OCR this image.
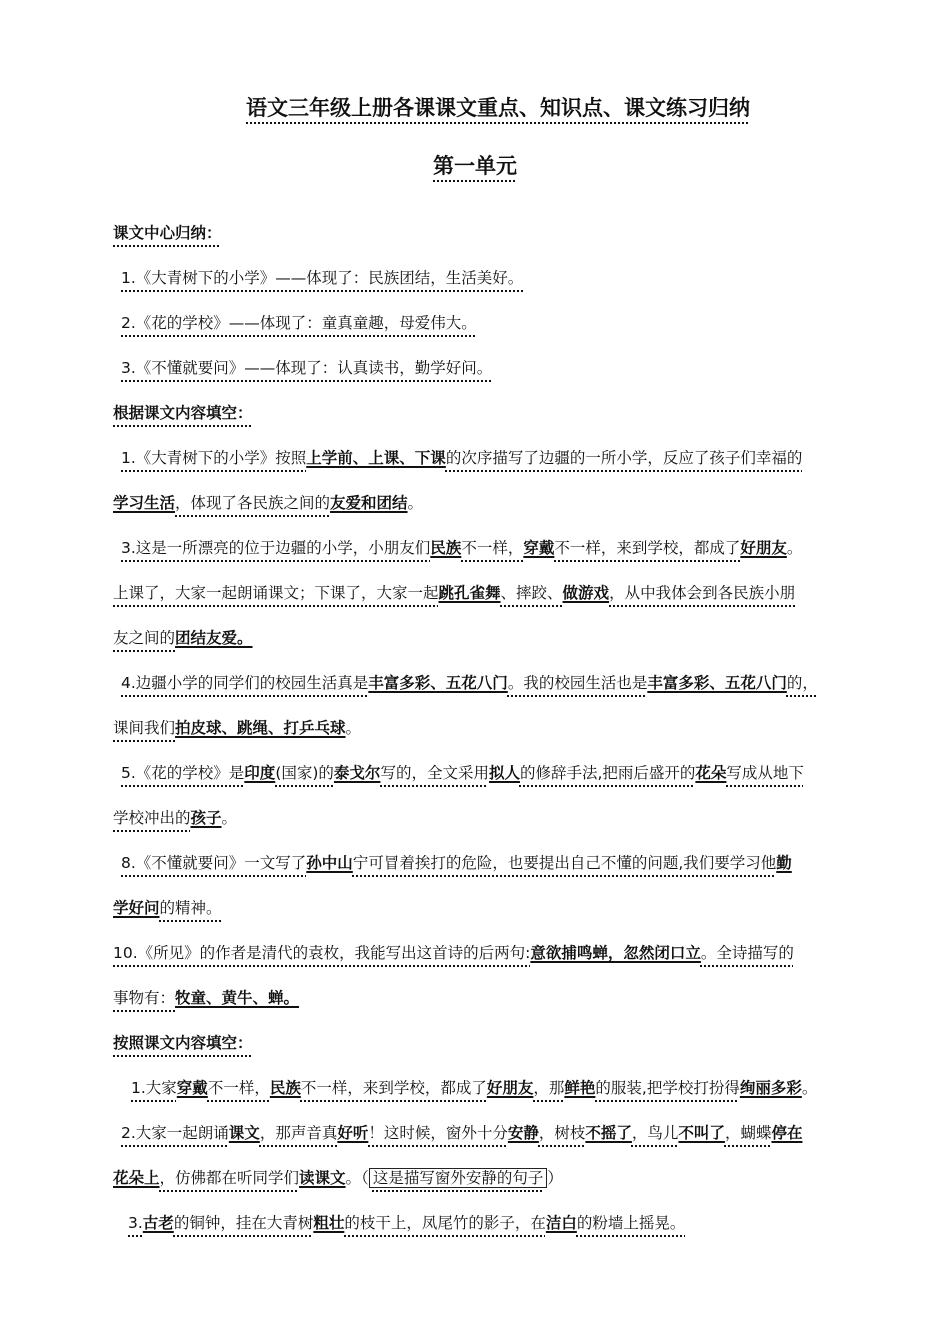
语文三年级上册各课课文重点、知识点、课文练习归纳
第一单元
课文中心归纳：
1.《大青树下的小学》——体现了：民族团结，生活美好。
2.《花的学校》——体现了：童真童趣，母爱伟大。
3.《不懂就要问》——体现了：认真读书，勤学好问。
根据课文内容填空：
1.《大青树下的小学》按照上学前、上课、下课的次序描写了边疆的一所小学，反应了孩子们幸福的
学习生活，体现了各民族之间的友爱和团结。
3.这是一所漂亮的位于边疆的小学，小朋友们民族不一样，穿戴不一样，来到学校，都成了好朋友。
上课了，大家一起朗诵课文；下课了，大家一起跳孔雀舞、摔跤、做游戏，从中我体会到各民族小朋
友之间的团结友爱。
4.边疆小学的同学们的校园生活真是丰富多彩、五花八门。我的校园生活也是丰富多彩、五花八门的，
课间我们拍皮球、跳绳、打乒乓球。
5.《花的学校》是印度(国家)的泰戈尔写的，全文采用拟人的修辞手法,把雨后盛开的花朵写成从地下
学校冲出的孩子。
8.《不懂就要问》一文写了孙中山宁可冒着挨打的危险，也要提出自己不懂的问题,我们要学习他勤
学好问的精神。
10.《所见》的作者是清代的袁枚，我能写出这首诗的后两句:意欲捕鸣蝉，忽然闭口立。全诗描写的
事物有：牧童、黄牛、蝉。
按照课文内容填空：
1.大家穿戴不一样，民族不一样，来到学校，都成了好朋友，那鲜艳的服装,把学校打扮得绚丽多彩。
2.大家一起朗诵课文，那声音真好听！这时候，窗外十分安静，树枝不摇了，鸟儿不叫了，蝴蝶停在
花朵上，仿佛都在听同学们读课文。（ 这是描写窗外安静的句子 ）
3.古老的铜钟，挂在大青树粗壮的枝干上，凤尾竹的影子，在洁白的粉墙上摇晃。
